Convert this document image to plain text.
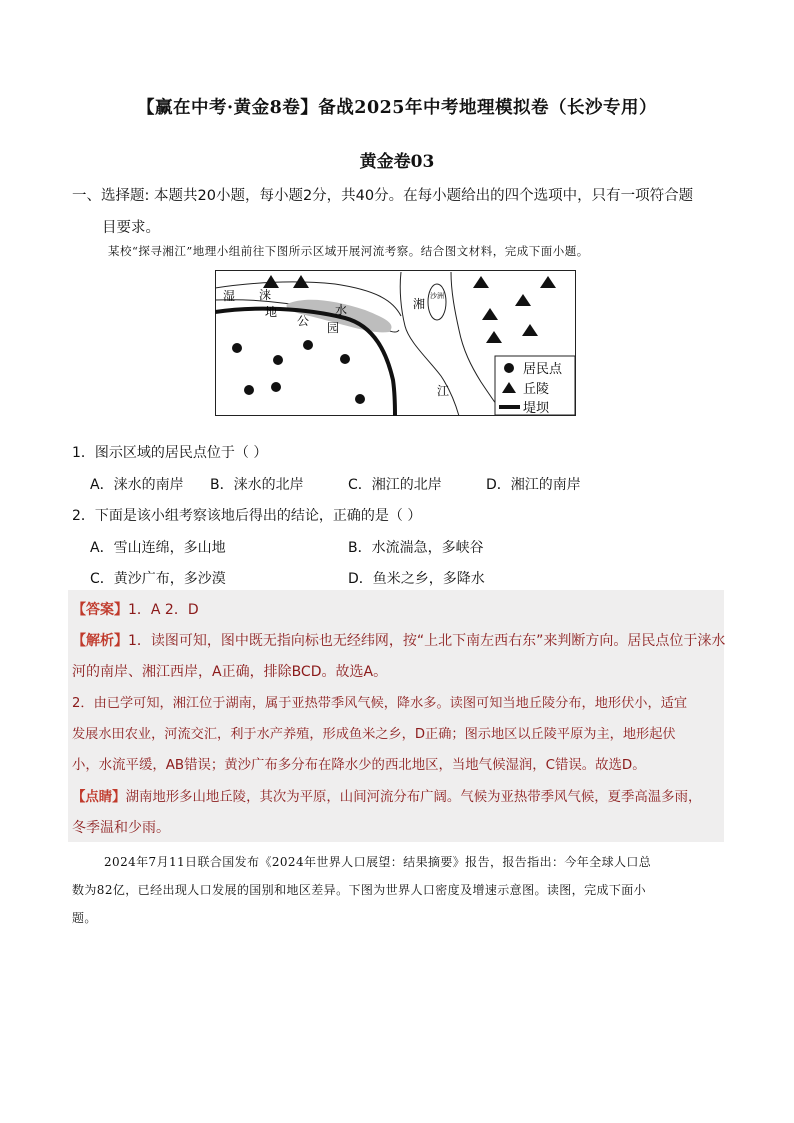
【赢在中考·黄金8卷】备战2025年中考地理模拟卷（长沙专用）
黄金卷03
一、选择题: 本题共20小题，每小题2分，共40分。在每小题给出的四个选项中，只有一项符合题
目要求。
某校“探寻湘江”地理小组前往下图所示区域开展河流考察。结合图文材料，完成下面小题。
湿 涞
地
公 园
水	湘
江
沙洲
居民点
丘陵
堤坝
1．图示区域的居民点位于（ ）
A．涞水的南岸 B．涞水的北岸	C．湘江的北岸	D．湘江的南岸
2．下面是该小组考察该地后得出的结论，正确的是（ ）
A．雪山连绵，多山地	B．水流湍急，多峡谷
C．黄沙广布，多沙漠	D．鱼米之乡，多降水
【答案】1．A 2．D
【解析】1．读图可知，图中既无指向标也无经纬网，按“上北下南左西右东”来判断方向。居民点位于涞水
河的南岸、湘江西岸，A正确，排除BCD。故选A。
2．由已学可知，湘江位于湖南，属于亚热带季风气候，降水多。读图可知当地丘陵分布，地形伏小，适宜
发展水田农业，河流交汇，利于水产养殖，形成鱼米之乡，D正确；图示地区以丘陵平原为主，地形起伏
小，水流平缓，AB错误；黄沙广布多分布在降水少的西北地区，当地气候湿润，C错误。故选D。
【点睛】湖南地形多山地丘陵，其次为平原，山间河流分布广阔。气候为亚热带季风气候，夏季高温多雨，
冬季温和少雨。
2024年7月11日联合国发布《2024年世界人口展望：结果摘要》报告，报告指出：今年全球人口总
数为82亿，已经出现人口发展的国别和地区差异。下图为世界人口密度及增速示意图。读图，完成下面小
题。
